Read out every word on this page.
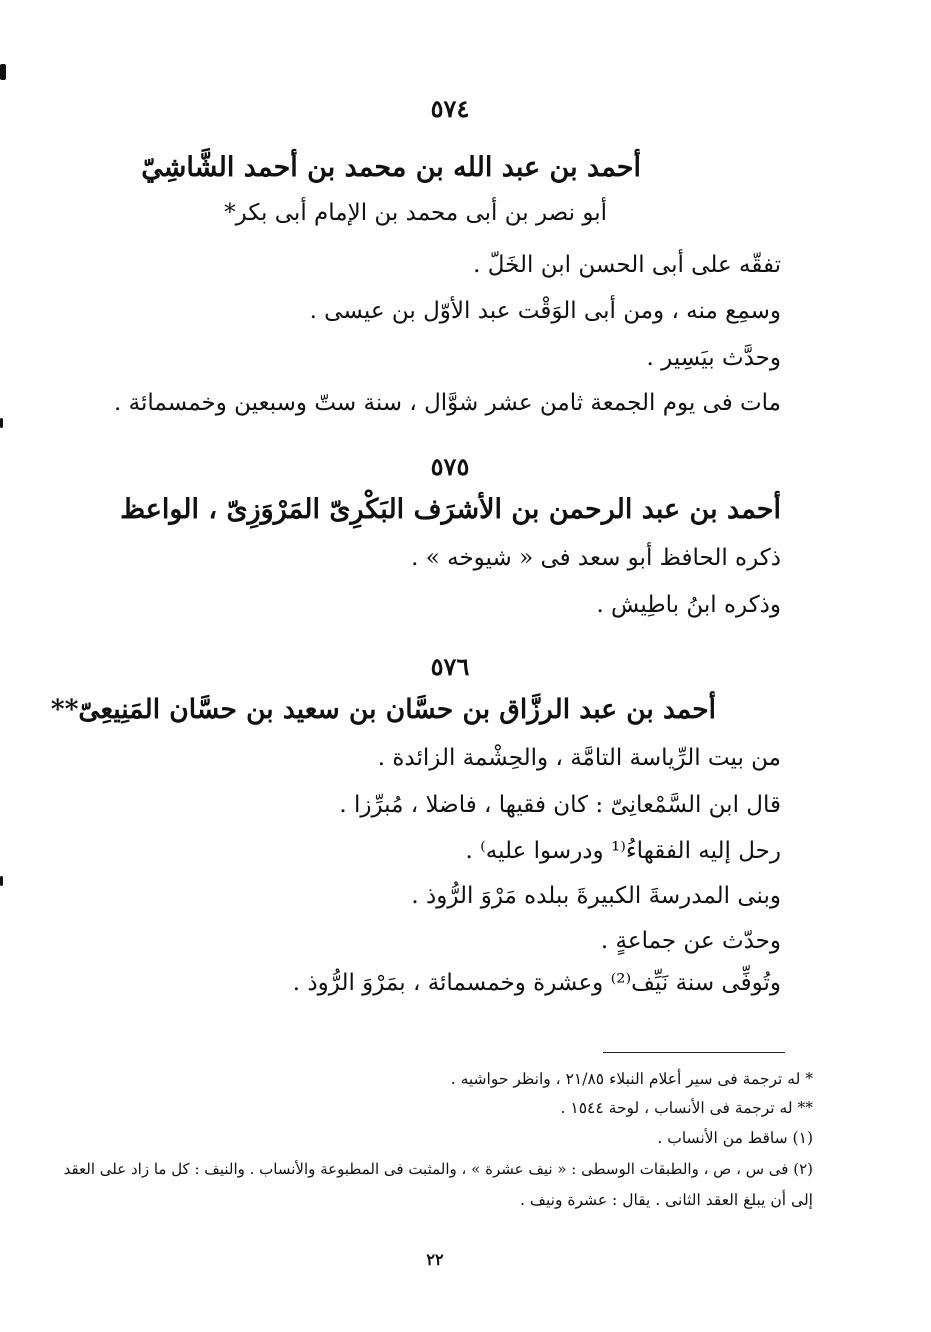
٥٧٤
أحمد بن عبد الله بن محمد بن أحمد الشَّاشِيّ
أبو نصر بن أبى محمد بن الإمام أبى بكر*
تفقّه على أبى الحسن ابن الخَلّ .
وسمِع منه ، ومن أبى الوَقْت عبد الأوّل بن عيسى .
وحدَّث بيَسِير .
مات فى يوم الجمعة ثامن عشر شوَّال ، سنة ستّ وسبعين وخمسمائة .
٥٧٥
أحمد بن عبد الرحمن بن الأشرَف البَكْرِىّ المَرْوَزِىّ ، الواعظ
ذكره الحافظ أبو سعد فى « شيوخه » .
وذكره ابنُ باطِيش .
٥٧٦
أحمد بن عبد الرزَّاق بن حسَّان بن سعيد بن حسَّان المَنِيعِىّ**
من بيت الرِّياسة التامَّة ، والحِشْمة الزائدة .
قال ابن السَّمْعانِىّ : كان فقيها ، فاضلا ، مُبرِّزا .
رحل إليه الفقهاءُ⁽¹ ودرسوا عليه⁾ .
وبنى المدرسةَ الكبيرةَ ببلده مَرْوَ الرُّوذ .
وحدّث عن جماعةٍ .
وتُوفِّى سنة نَيِّف⁽²⁾ وعشرة وخمسمائة ، بمَرْوَ الرُّوذ .
* له ترجمة فى سير أعلام النبلاء ٢١/٨٥ ، وانظر حواشيه .
** له ترجمة فى الأنساب ، لوحة ١٥٤٤ .
(١) ساقط من الأنساب .
(٢) فى س ، ص ، والطبقات الوسطى : « نيف عشرة » ، والمثبت فى المطبوعة والأنساب . والنيف : كل ما زاد على العقد
إلى أن يبلغ العقد الثانى . يقال : عشرة ونيف .
٢٢
